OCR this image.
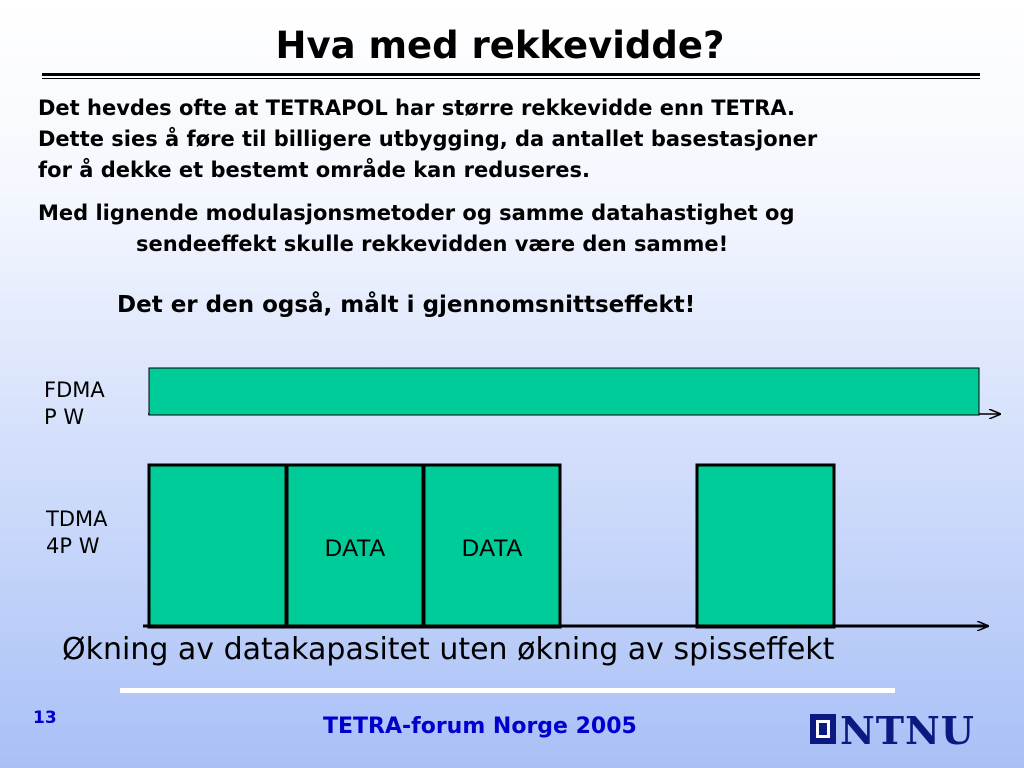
Hva med rekkevidde?
Det hevdes ofte at TETRAPOL har større rekkevidde enn TETRA.
Dette sies å føre til billigere utbygging, da antallet basestasjoner
for å dekke et bestemt område kan reduseres.
Med lignende modulasjonsmetoder og samme datahastighet og
sendeeffekt skulle rekkevidden være den samme!
Det er den også, målt i gjennomsnittseffekt!
FDMA
P W
TDMA
4P W	DATA	DATA
Økning av datakapasitet uten økning av spisseffekt
13	TETRA-forum Norge 2005	NTNU
